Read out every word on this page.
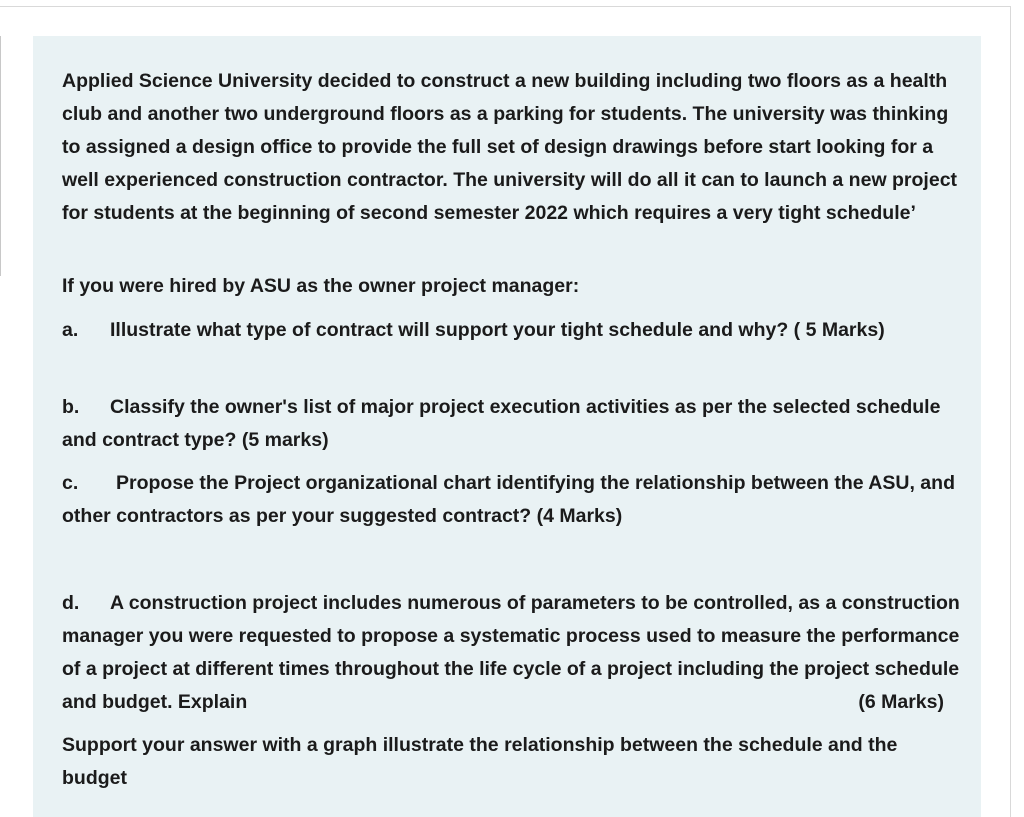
Applied Science University decided to construct a new building including two floors as a health club and another two underground floors as a parking for students. The university was thinking to assigned a design office to provide the full set of design drawings before start looking for a well experienced construction contractor. The university will do all it can to launch a new project for students at the beginning of second semester 2022 which requires a very tight schedule’

If you were hired by ASU as the owner project manager:

a. Illustrate what type of contract will support your tight schedule and why? ( 5 Marks)

b. Classify the owner's list of major project execution activities as per the selected schedule and contract type? (5 marks)

c. Propose the Project organizational chart identifying the relationship between the ASU, and other contractors as per your suggested contract? (4 Marks)

d. A construction project includes numerous of parameters to be controlled, as a construction manager you were requested to propose a systematic process used to measure the performance of a project at different times throughout the life cycle of a project including the project schedule and budget. Explain	(6 Marks)

Support your answer with a graph illustrate the relationship between the schedule and the budget
